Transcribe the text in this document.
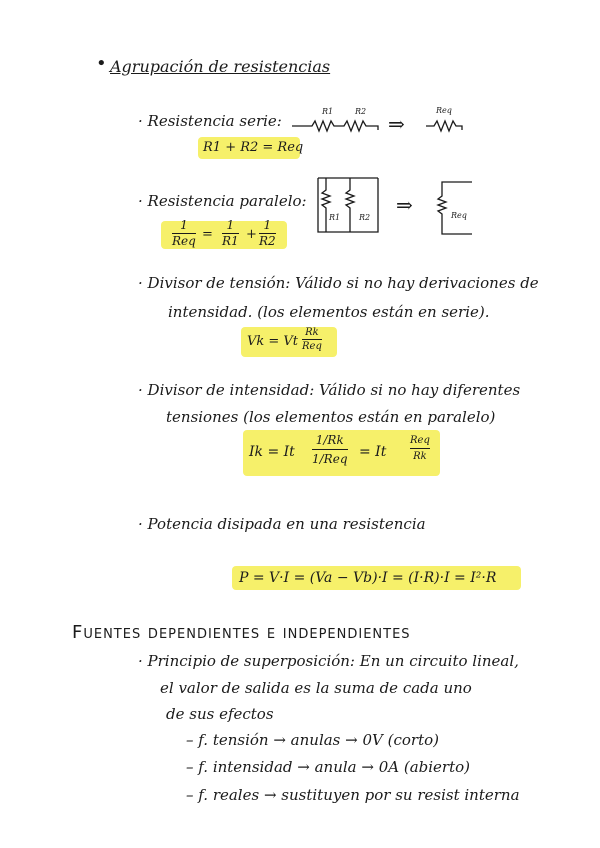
• Agrupación de resistencias
· Resistencia serie:
R1	R2
⇒
Req
R1 + R2 = Req
· Resistencia paralelo:
R1 R2
⇒	Req
1
Req =
1
R1 +
1
R2
· Divisor de tensión: Válido si no hay derivaciones de
intensidad. (los elementos están en serie).
Vk = Vt
Rk
Req
· Divisor de intensidad: Válido si no hay diferentes
tensiones (los elementos están en paralelo)
Ik = It
1/Rk
1/Req = It
Req
Rk
· Potencia disipada en una resistencia
P = V·I = (Va − Vb)·I = (I·R)·I = I²·R
Fuentes dependientes e independientes
· Principio de superposición: En un circuito lineal,
el valor de salida es la suma de cada uno
de sus efectos
– f. tensión → anulas → 0V (corto)
– f. intensidad → anula → 0A (abierto)
– f. reales → sustituyen por su resist interna
